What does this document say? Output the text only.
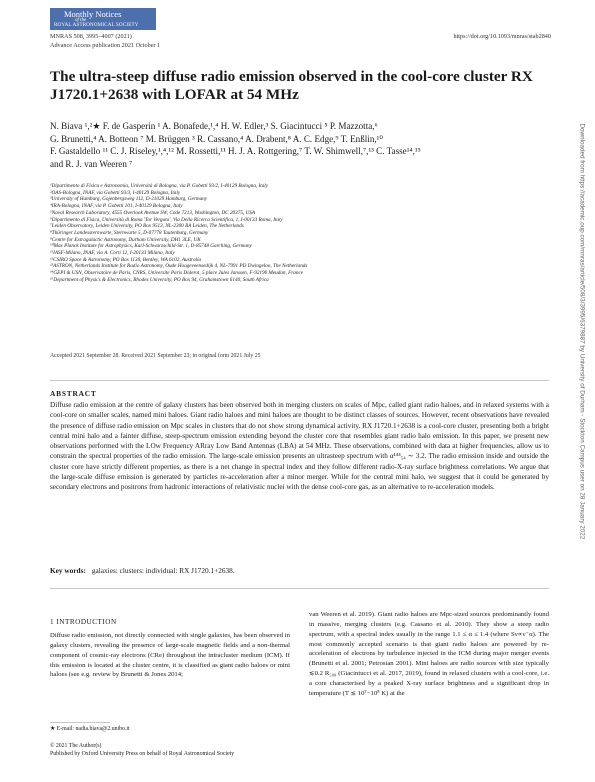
Monthly Notices
of the
ROYAL ASTRONOMICAL SOCIETY
MNRAS 508, 3995–4007 (2021)
Advance Access publication 2021 October 1
https://doi.org/10.1093/mnras/stab2840
The ultra-steep diffuse radio emission observed in the cool-core cluster RX J1720.1+2638 with LOFAR at 54 MHz
N. Biava ¹,²★ F. de Gasperin ¹ A. Bonafede,¹,⁴ H. W. Edler,³ S. Giacintucci ⁵ P. Mazzotta,⁶
G. Brunetti,⁴ A. Botteon ⁷ M. Brüggen ³ R. Cassano,⁴ A. Drabent,⁸ A. C. Edge,⁹ T. Enßlin,¹⁰
F. Gastaldello ¹¹ C. J. Riseley,¹,⁴,¹² M. Rossetti,¹¹ H. J. A. Rottgering,⁷ T. W. Shimwell,⁷,¹³ C. Tasse¹⁴,¹⁵
and R. J. van Weeren ⁷
¹Dipartimento di Fisica e Astronomia, Università di Bologna, via P. Gobetti 93/2, I-40129 Bologna, Italy
²OAS-Bologna, INAF, via Gobetti 93/3, I-40129 Bologna, Italy
³University of Hamburg, Gojenbergsweg 112, D-21029 Hamburg, Germany
⁴IRA-Bologna, INAF, via P. Gobetti 101, I-40129 Bologna, Italy
⁵Naval Research Laboratory, 4555 Overlook Avenue SW, Code 7213, Washington, DC 20375, USA
⁶Dipartimento di Fisica, Università di Roma 'Tor Vergata', Via Della Ricerca Scientifica, 1, I-00133 Roma, Italy
⁷Leiden Observatory, Leiden University, PO Box 9513, NL-2300 RA Leiden, The Netherlands
⁸Thüringer Landessternwarte, Sternwarte 5, D-07778 Tautenburg, Germany
⁹Centre for Extragalactic Astronomy, Durham University, DH1 3LE, UK
¹⁰Max Planck Institute for Astrophysics, Karl-Schwarzschild-Str. 1, D-85748 Garching, Germany
¹¹IASF-Milano, INAF, via A. Corti 12, I-20133 Milano, Italy
¹²CSIRO Space & Astronomy, PO Box 1130, Bentley, WA 6102, Australia
¹³ASTRON, Netherlands Institute for Radio Astronomy, Oude Hoogeveensedijk 4, NL-7991 PD Dwingeloo, The Netherlands
¹⁴GEPI & USN, Observatoire de Paris, CNRS, Universite Paris Diderot, 5 place Jules Janssen, F-92190 Meudon, France
¹⁵Department of Physics & Electronics, Rhodes University, PO Box 94, Grahamstown 6140, South Africa
Accepted 2021 September 28. Received 2021 September 23; in original form 2021 July 25
ABSTRACT
Diffuse radio emission at the centre of galaxy clusters has been observed both in merging clusters on scales of Mpc, called giant radio haloes, and in relaxed systems with a cool-core on smaller scales, named mini haloes. Giant radio haloes and mini haloes are thought to be distinct classes of sources. However, recent observations have revealed the presence of diffuse radio emission on Mpc scales in clusters that do not show strong dynamical activity. RX J1720.1+2638 is a cool-core cluster, presenting both a bright central mini halo and a fainter diffuse, steep-spectrum emission extending beyond the cluster core that resembles giant radio halo emission. In this paper, we present new observations performed with the LOw Frequency ARray Low Band Antennas (LBA) at 54 MHz. These observations, combined with data at higher frequencies, allow us to constrain the spectral properties of the radio emission. The large-scale emission presents an ultrasteep spectrum with α¹⁴⁴₅₄ ∼ 3.2. The radio emission inside and outside the cluster core have strictly different properties, as there is a net change in spectral index and they follow different radio-X-ray surface brightness correlations. We argue that the large-scale diffuse emission is generated by particles re-acceleration after a minor merger. While for the central mini halo, we suggest that it could be generated by secondary electrons and positrons from hadronic interactions of relativistic nuclei with the dense cool-core gas, as an alternative to re-acceleration models.
Key words: galaxies: clusters: individual: RX J1720.1+2638.
1 INTRODUCTION
Diffuse radio emission, not directly connected with single galaxies, has been observed in galaxy clusters, revealing the presence of large-scale magnetic fields and a non-thermal component of cosmic-ray electrons (CRe) throughout the intracluster medium (ICM). If this emission is located at the cluster centre, it is classified as giant radio haloes or mini haloes (see e.g. review by Brunetti & Jones 2014;
van Weeren et al. 2019). Giant radio haloes are Mpc-sized sources predominantly found in massive, merging clusters (e.g. Cassano et al. 2010). They show a steep radio spectrum, with a spectral index usually in the range 1.1 ≤ α ≤ 1.4 (where Sν∝ν⁻α). The most commonly accepted scenario is that giant radio haloes are powered by re-acceleration of electrons by turbulence injected in the ICM during major merger events (Brunetti et al. 2001; Petrosian 2001). Mini haloes are radio sources with size typically ≲0.2 R₅₀₀ (Giacintucci et al. 2017, 2019), found in relaxed clusters with a cool-core, i.e. a core characterised by a peaked X-ray surface brightness and a significant drop in temperature (T ≲ 10⁷−10⁸ K) at the
★ E-mail: nadia.biava@2.unibo.it
© 2021 The Author(s)
Published by Oxford University Press on behalf of Royal Astronomical Society
Downloaded from https://academic.oup.com/mnras/article/508/3/3995/6379887 by University of Durham - Stockton Campus user on 28 January 2022
